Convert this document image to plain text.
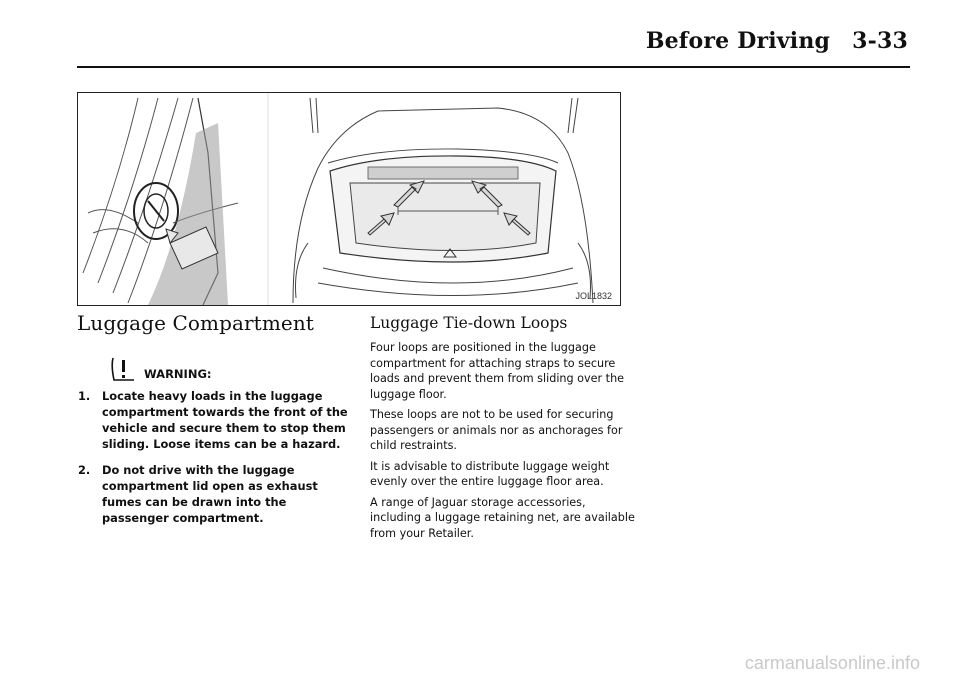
Before Driving 3-33
JOL1832
Luggage Compartment
WARNING:
1. Locate heavy loads in the luggage compartment towards the front of the vehicle and secure them to stop them sliding. Loose items can be a hazard.
2. Do not drive with the luggage compartment lid open as exhaust fumes can be drawn into the passenger compartment.
Luggage Tie-down Loops

Four loops are positioned in the luggage compartment for attaching straps to secure loads and prevent them from sliding over the luggage floor.

These loops are not to be used for securing passengers or animals nor as anchorages for child restraints.

It is advisable to distribute luggage weight evenly over the entire luggage floor area.

A range of Jaguar storage accessories, including a luggage retaining net, are available from your Retailer.

carmanualsonline.info
